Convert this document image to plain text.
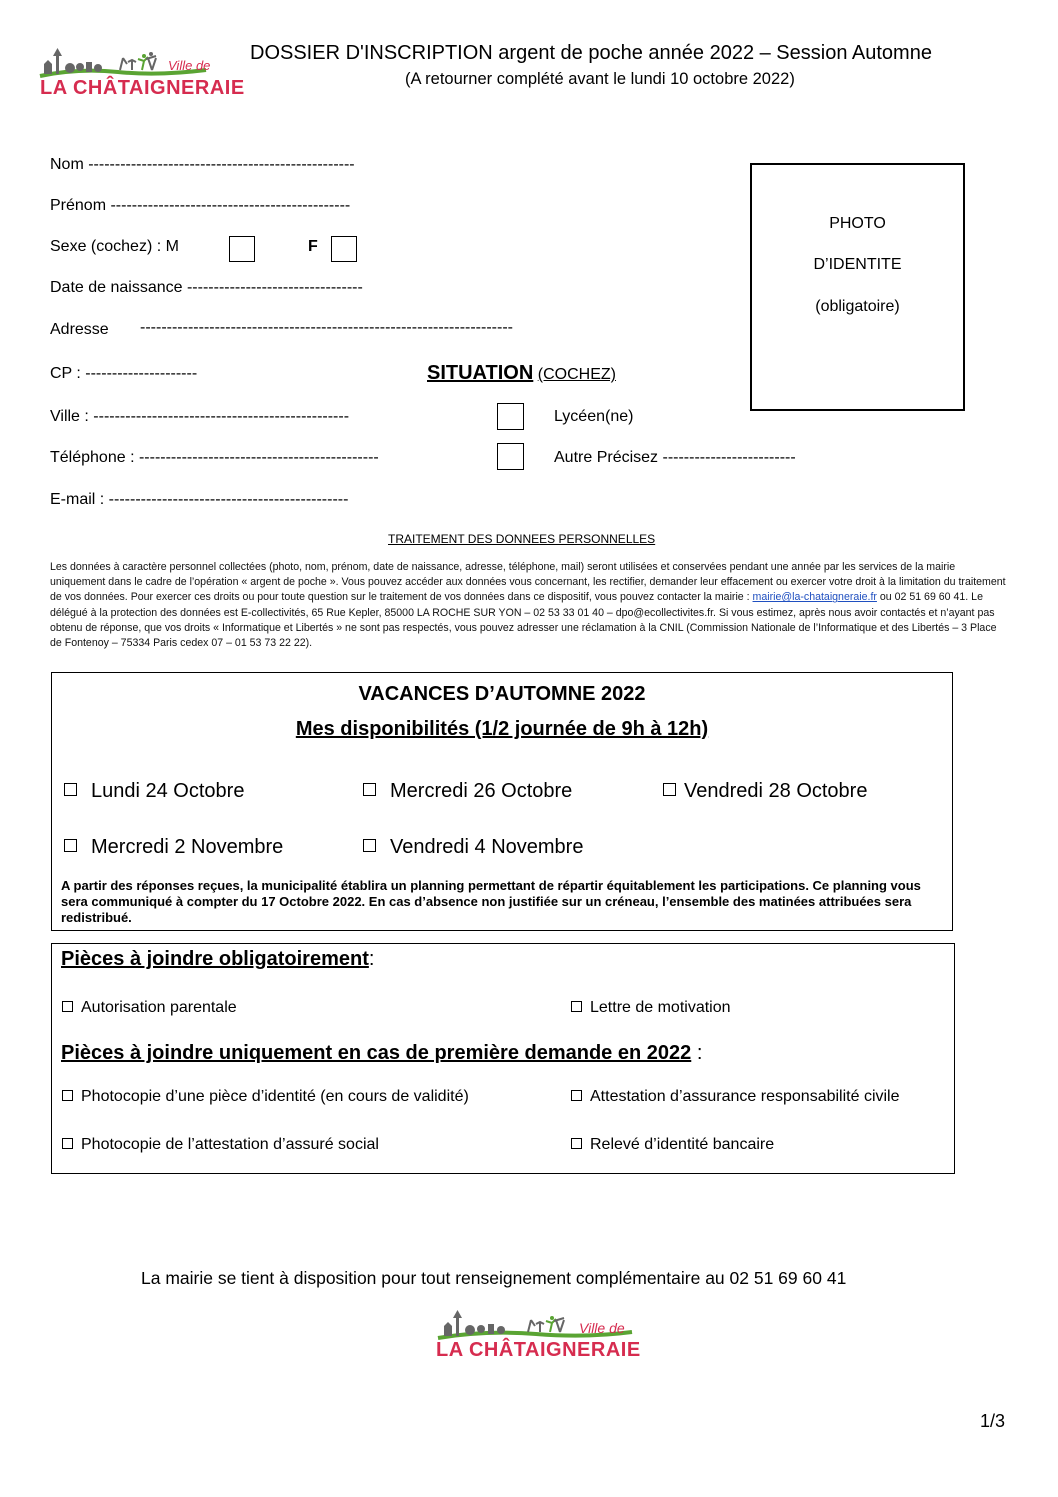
Ville de
LA CHÂTAIGNERAIE
DOSSIER D'INSCRIPTION argent de poche année 2022 – Session Automne
(A retourner complété avant le lundi 10 octobre 2022)
Nom --------------------------------------------------
Prénom ---------------------------------------------
Sexe (cochez) : M	F
Date de naissance ---------------------------------
Adresse ----------------------------------------------------------------------
CP : ---------------------
Ville : ------------------------------------------------
Téléphone : ---------------------------------------------
E-mail : ---------------------------------------------
PHOTO
D’IDENTITE
(obligatoire)
SITUATION (COCHEZ)
Lycéen(ne)
Autre Précisez -------------------------
TRAITEMENT DES DONNEES PERSONNELLES
Les données à caractère personnel collectées (photo, nom, prénom, date de naissance, adresse, téléphone, mail) seront utilisées et conservées pendant une année par les services de la mairie uniquement dans le cadre de l’opération « argent de poche ». Vous pouvez accéder aux données vous concernant, les rectifier, demander leur effacement ou exercer votre droit à la limitation du traitement de vos données. Pour exercer ces droits ou pour toute question sur le traitement de vos données dans ce dispositif, vous pouvez contacter la mairie : mairie@la-chataigneraie.fr ou 02 51 69 60 41. Le délégué à la protection des données est E-collectivités, 65 Rue Kepler, 85000 LA ROCHE SUR YON – 02 53 33 01 40 – dpo@ecollectivites.fr. Si vous estimez, après nous avoir contactés et n’ayant pas obtenu de réponse, que vos droits « Informatique et Libertés » ne sont pas respectés, vous pouvez adresser une réclamation à la CNIL (Commission Nationale de l’Informatique et des Libertés – 3 Place de Fontenoy – 75334 Paris cedex 07 – 01 53 73 22 22).
VACANCES D’AUTOMNE 2022
Mes disponibilités (1/2 journée de 9h à 12h)
Lundi 24 Octobre	Mercredi 26 Octobre	Vendredi 28 Octobre
Mercredi 2 Novembre	Vendredi 4 Novembre
A partir des réponses reçues, la municipalité établira un planning permettant de répartir équitablement les participations. Ce planning vous sera communiqué à compter du 17 Octobre 2022. En cas d’absence non justifiée sur un créneau, l’ensemble des matinées attribuées sera redistribué.
Pièces à joindre obligatoirement:
Autorisation parentale	Lettre de motivation
Pièces à joindre uniquement en cas de première demande en 2022 :
Photocopie d’une pièce d’identité (en cours de validité)	Attestation d’assurance responsabilité civile
Photocopie de l’attestation d’assuré social	Relevé d’identité bancaire
La mairie se tient à disposition pour tout renseignement complémentaire au 02 51 69 60 41
Ville de
LA CHÂTAIGNERAIE
1/3
